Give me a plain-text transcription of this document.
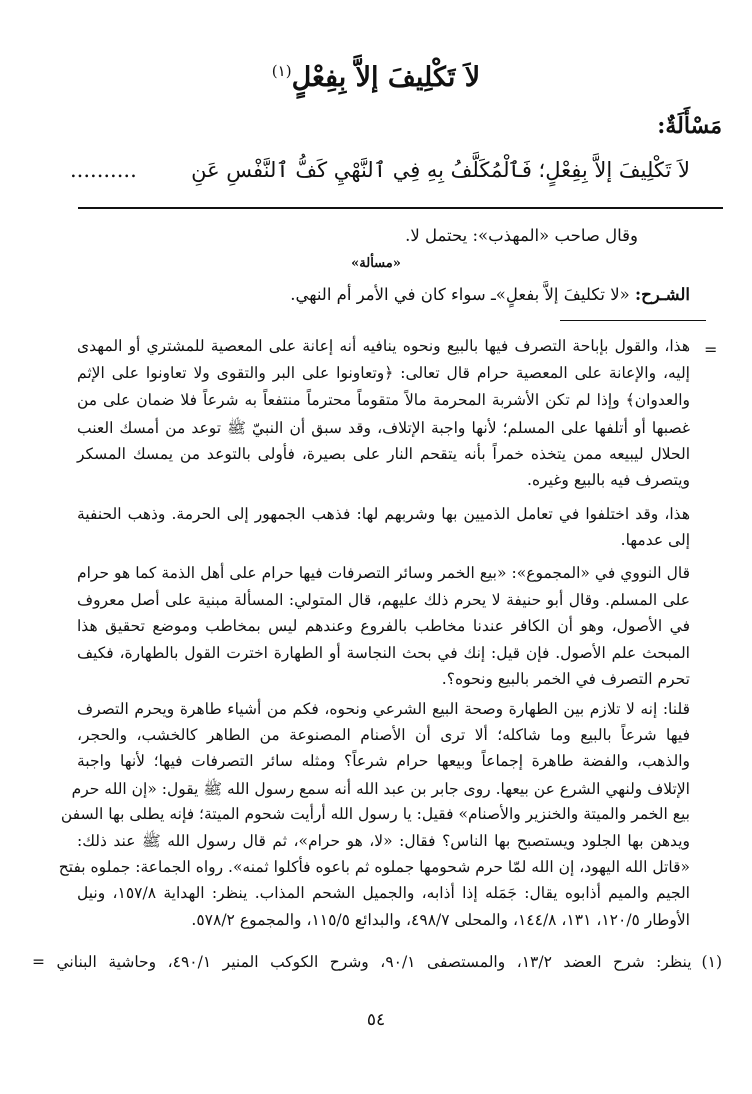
لاَ تَكْلِيفَ إلاَّ بِفِعْلٍ$^{(١)}$
مَسْأَلَةٌ:
لاَ تَكْلِيفَ إلاَّ بِفِعْلٍ؛ فَٱلْمُكَلَّفُ بِهِ فِي ٱلنَّهْيِ كَفُّ ٱلنَّفْسِ عَنِ
..........
وقال صاحب «المهذب»: يحتمل لا.
«مسألة»
الشـرح: «لا تكليفَ إلاَّ بفعلٍ»ـ سواء كان في الأمر أم النهي.
=
هذا، والقول بإباحة التصرف فيها بالبيع ونحوه ينافيه أنه إعانة على المعصية للمشتري أو المهدى
إليه، والإعانة على المعصية حرام قال تعالى: ﴿وتعاونوا على البر والتقوى ولا تعاونوا على الإثم
والعدوان﴾ وإذا لم تكن الأشربة المحرمة مالاً متقوماً محترماً منتفعاً به شرعاً فلا ضمان على من
غصبها أو أتلفها على المسلم؛ لأنها واجبة الإتلاف، وقد سبق أن النبيّ ﷺ توعد من أمسك العنب
الحلال ليبيعه ممن يتخذه خمراً بأنه يتقحم النار على بصيرة، فأولى بالتوعد من يمسك المسكر
ويتصرف فيه بالبيع وغيره.
هذا، وقد اختلفوا في تعامل الذميين بها وشربهم لها: فذهب الجمهور إلى الحرمة. وذهب الحنفية
إلى عدمها.
قال النووي في «المجموع»: «بيع الخمر وسائر التصرفات فيها حرام على أهل الذمة كما هو حرام
على المسلم. وقال أبو حنيفة لا يحرم ذلك عليهم، قال المتولي: المسألة مبنية على أصل معروف
في الأصول، وهو أن الكافر عندنا مخاطب بالفروع وعندهم ليس بمخاطب وموضع تحقيق هذا
المبحث علم الأصول. فإن قيل: إنك في بحث النجاسة أو الطهارة اخترت القول بالطهارة، فكيف
تحرم التصرف في الخمر بالبيع ونحوه؟.
قلنا: إنه لا تلازم بين الطهارة وصحة البيع الشرعي ونحوه، فكم من أشياء طاهرة ويحرم التصرف
فيها شرعاً بالبيع وما شاكله؛ ألا ترى أن الأصنام المصنوعة من الطاهر كالخشب، والحجر،
والذهب، والفضة طاهرة إجماعاً وبيعها حرام شرعاً؟ ومثله سائر التصرفات فيها؛ لأنها واجبة
الإتلاف ولنهي الشرع عن بيعها. روى جابر بن عبد الله أنه سمع رسول الله ﷺ يقول: «إن الله حرم
بيع الخمر والميتة والخنزير والأصنام» فقيل: يا رسول الله أرأيت شحوم الميتة؛ فإنه يطلى بها السفن
ويدهن بها الجلود ويستصبح بها الناس؟ فقال: «لا، هو حرام»، ثم قال رسول الله ﷺ عند ذلك:
«قاتل الله اليهود، إن الله لمّا حرم شحومها جملوه ثم باعوه فأكلوا ثمنه». رواه الجماعة: جملوه بفتح
الجيم والميم أذابوه يقال: جَمَله إذا أذابه، والجميل الشحم المذاب. ينظر: الهداية ١٥٧/٨، ونيل
الأوطار ١٢٠/٥، ١٣١، ١٤٤/٨، والمحلى ٤٩٨/٧، والبدائع ١١٥/٥، والمجموع ٥٧٨/٢.
(١)
ينظر: شرح العضد ١٣/٢، والمستصفى ٩٠/١، وشرح الكوكب المنير ٤٩٠/١، وحاشية البناني =
٥٤
